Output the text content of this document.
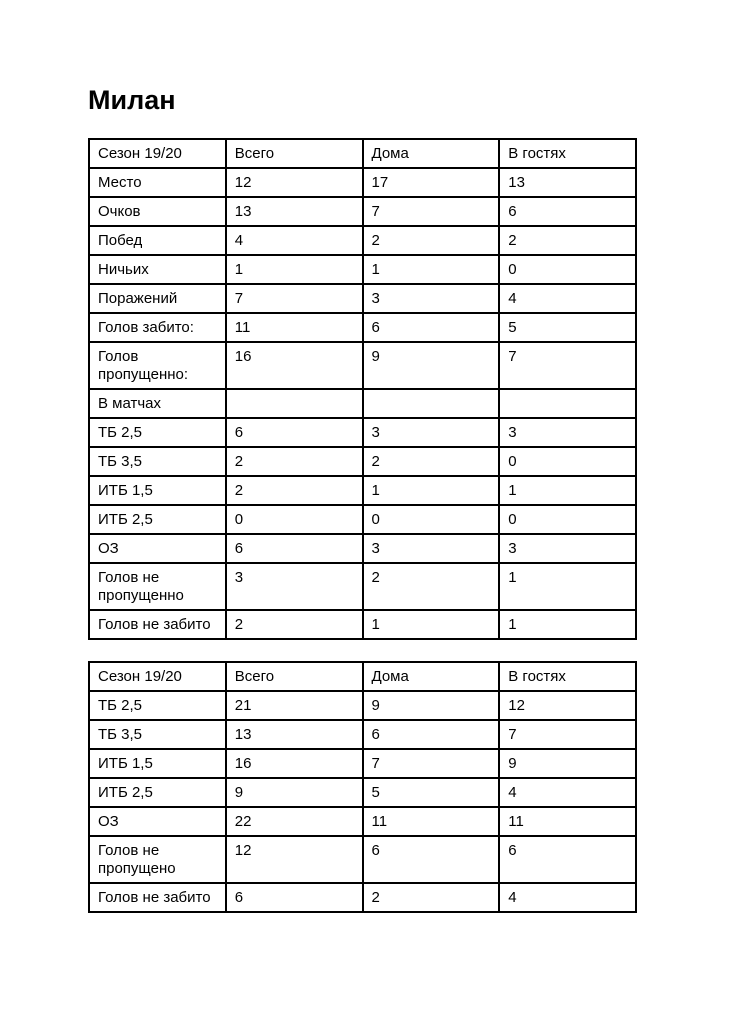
Милан
Сезон 19/20	Всего	Дома	В гостях
Место	12	17	13
Очков	13	7	6
Побед	4	2	2
Ничьих	1	1	0
Поражений	7	3	4
Голов забито:	11	6	5
Голов пропущенно:	16	9	7
В матчах			
ТБ 2,5	6	3	3
ТБ 3,5	2	2	0
ИТБ 1,5	2	1	1
ИТБ 2,5	0	0	0
ОЗ	6	3	3
Голов не пропущенно	3	2	1
Голов не забито	2	1	1
Сезон 19/20	Всего	Дома	В гостях
ТБ 2,5	21	9	12
ТБ 3,5	13	6	7
ИТБ 1,5	16	7	9
ИТБ 2,5	9	5	4
ОЗ	22	11	11
Голов не пропущено	12	6	6
Голов не забито	6	2	4
